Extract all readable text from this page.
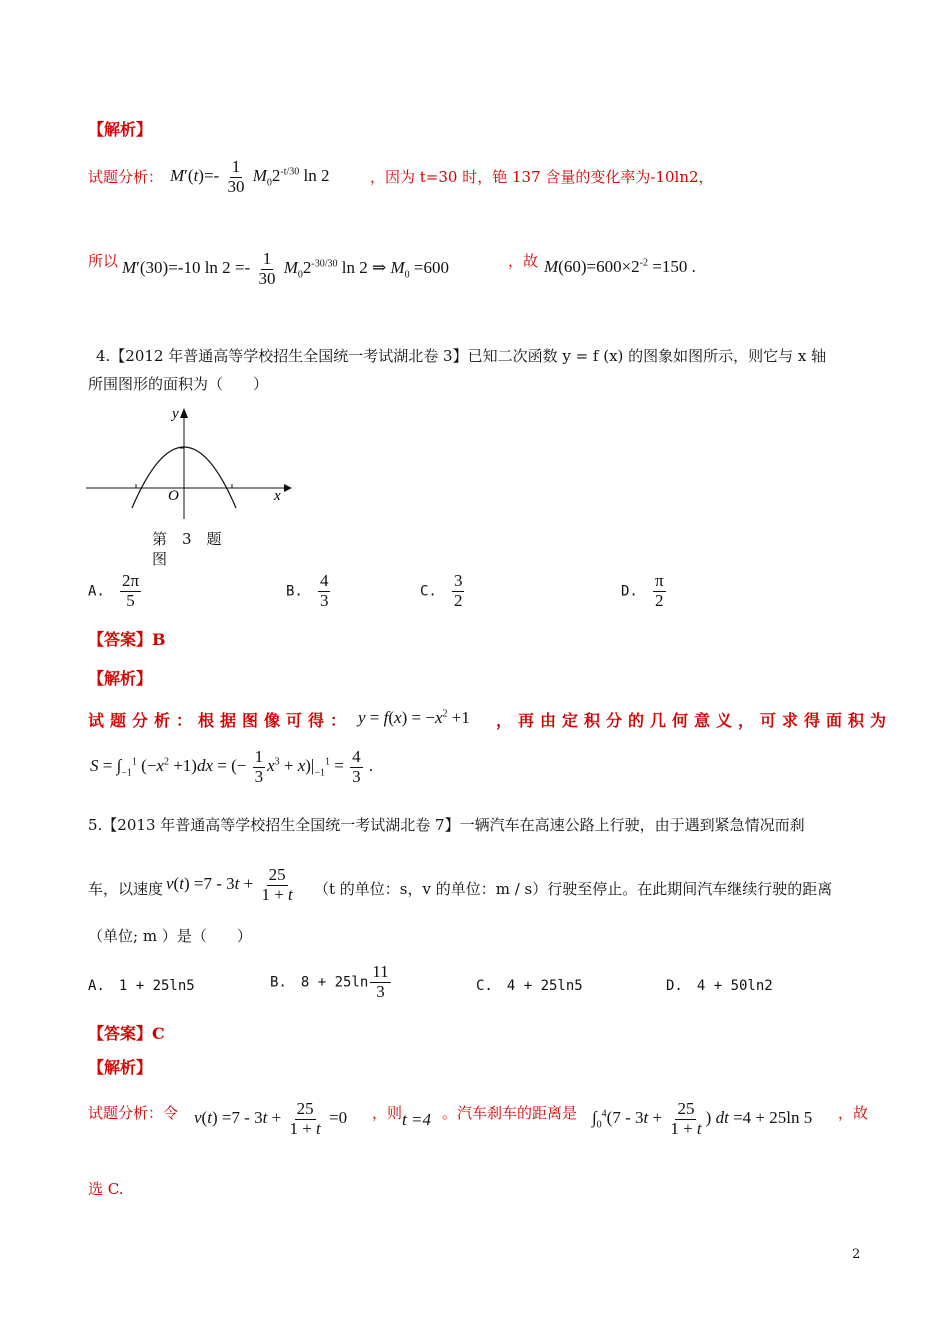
【解析】
试题分析： $M'(t)=- \frac{1}{30} M_02^{-t/30}$ ln 2	，因为 t=30 时，铯 137 含量的变化率为-10ln2，
所以 M′(30)=-10 $\ln 2 =- \frac{1}{30} M_02^{-30/30}$ ln 2 ⇒ $M_0 =600$	，故 $M(60)=600\times 2^{-2} =150$ .
4.【2012 年普通高等学校招生全国统一考试湖北卷 3】已知二次函数 y = f (x) 的图象如图所示，则它与 x 轴
所围图形的面积为（　　）
y
O	x
第　3　题
图
A. $\frac{2\pi}{5}$	B. $\frac{4}{3}$	C. $\frac{3}{2}$	D. $\frac{\pi}{2}$
【答案】B
【解析】
试题分析：根据图像可得： $y = f(x) = -x^2 +1$ ，再由定积分的几何意义，可求得面积为
$S = \int_{-1}^1$ $(-x^2 +1)dx$ = (− $\frac{1}{3} x^3 + x)|_{-1}^1 = \frac{4}{3}$ .
5.【2013 年普通高等学校招生全国统一考试湖北卷 7】一辆汽车在高速公路上行驶，由于遇到紧急情况而刹
车，以速度 $v(t) =7 - 3t + \frac{25}{1 + t} (t$ 的单位：s，v 的单位：m / s）行驶至停止。在此期间汽车继续行驶的距离
（单位; m ）是（　　）
A.　1 + 25ln5	B.　$8 + 25\ln \frac{11}{3}$	C.　4 + 25ln5	D.　4 + 50ln2
【答案】C
【解析】
试题分析：令 $v(t) =7 - 3t + \frac{25}{1 + t} =0$ ，则 t =4 。汽车刹车的距离是 $\int_0^4(7 - 3t + \frac{25}{1 + t}$ ) dt =4 + 25ln 5 ，故
选 C.
2
